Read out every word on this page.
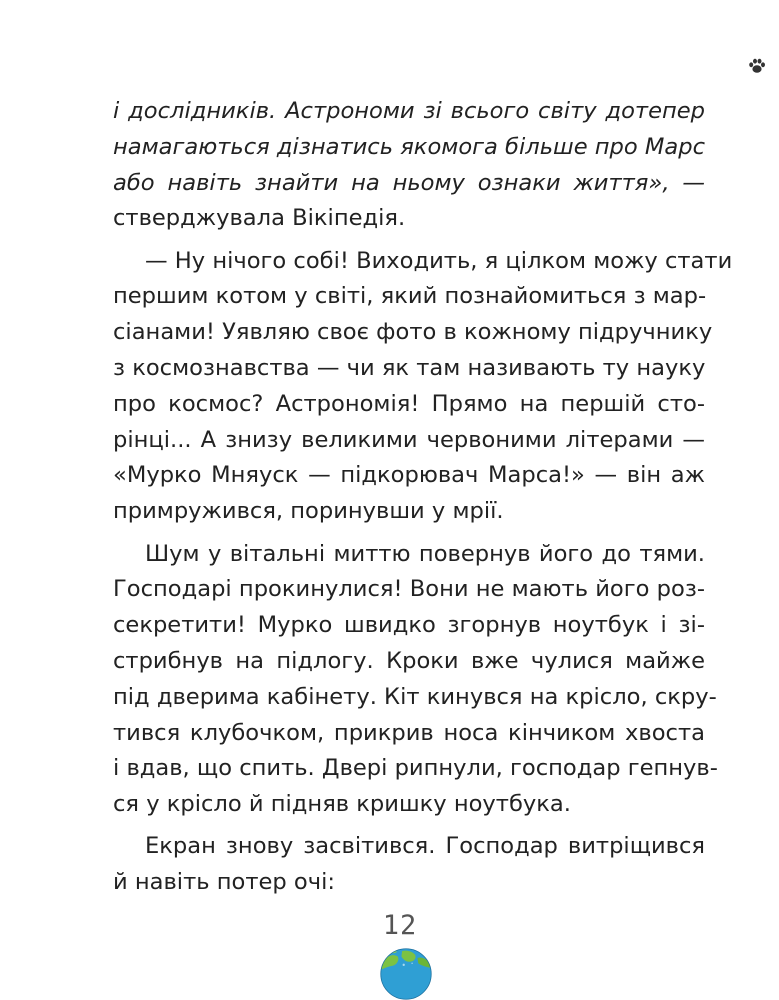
і дослідників. Астрономи зі всього світу дотепер
намагаються дізнатись якомога більше про Марс
або навіть знайти на ньому ознаки життя», —
стверджувала Вікіпедія.
— Ну нічого собі! Виходить, я цілком можу стати
першим котом у світі, який познайомиться з мар-
сіанами! Уявляю своє фото в кожному підручнику
з космознавства — чи як там називають ту науку
про космос? Астрономія! Прямо на першій сто-
рінці... А знизу великими червоними літерами —
«Мурко Мняуск — підкорювач Марса!» — він аж
примружився, поринувши у мрії.
Шум у вітальні миттю повернув його до тями.
Господарі прокинулися! Вони не мають його роз-
секретити! Мурко швидко згорнув ноутбук і зі-
стрибнув на підлогу. Кроки вже чулися майже
під дверима кабінету. Кіт кинувся на крісло, скру-
тився клубочком, прикрив носа кінчиком хвоста
і вдав, що спить. Двері рипнули, господар гепнув-
ся у крісло й підняв кришку ноутбука.
Екран знову засвітився. Господар витріщився
й навіть потер очі:
12
